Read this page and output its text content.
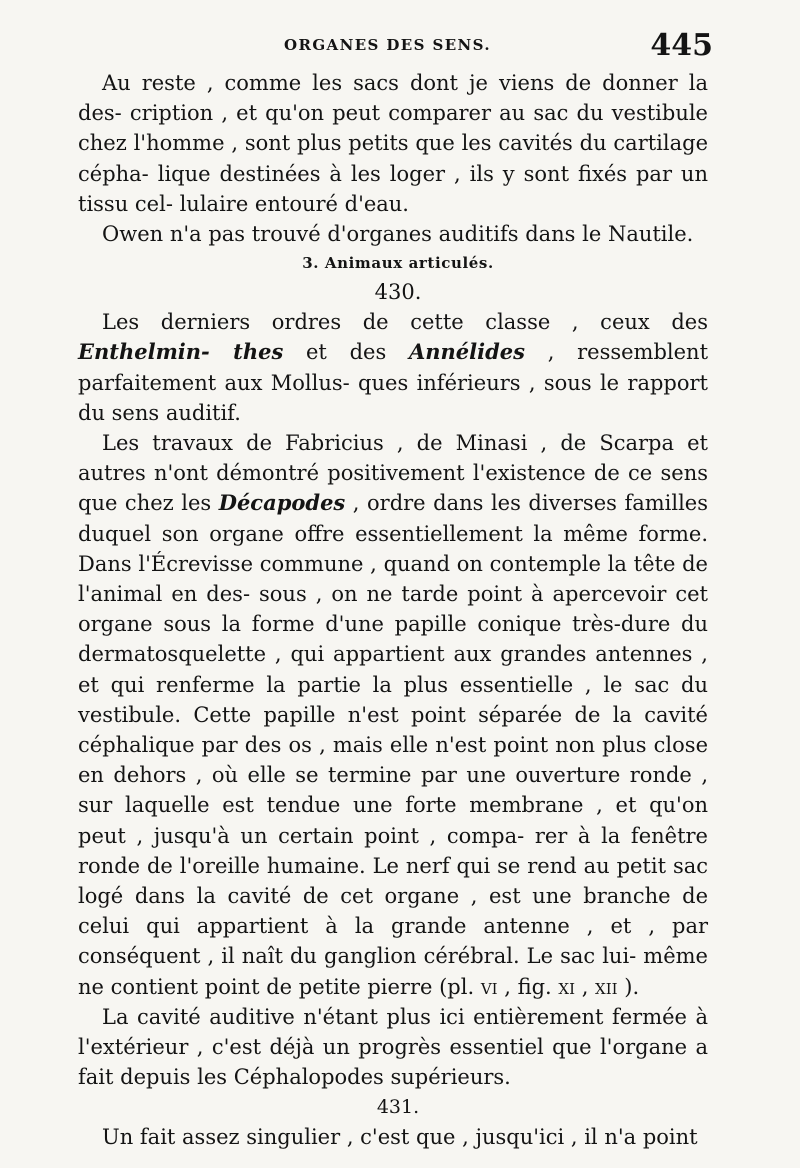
ORGANES DES SENS.	445

Au reste , comme les sacs dont je viens de donner la des- cription , et qu'on peut comparer au sac du vestibule chez l'homme , sont plus petits que les cavités du cartilage cépha- lique destinées à les loger , ils y sont fixés par un tissu cel- lulaire entouré d'eau.

Owen n'a pas trouvé d'organes auditifs dans le Nautile.

3. Animaux articulés.
430.

Les derniers ordres de cette classe , ceux des Enthelmin- thes et des Annélides , ressemblent parfaitement aux Mollus- ques inférieurs , sous le rapport du sens auditif.

Les travaux de Fabricius , de Minasi , de Scarpa et autres n'ont démontré positivement l'existence de ce sens que chez les Décapodes , ordre dans les diverses familles duquel son organe offre essentiellement la même forme. Dans l'Écrevisse commune , quand on contemple la tête de l'animal en des- sous , on ne tarde point à apercevoir cet organe sous la forme d'une papille conique très-dure du dermatosquelette , qui appartient aux grandes antennes , et qui renferme la partie la plus essentielle , le sac du vestibule. Cette papille n'est point séparée de la cavité céphalique par des os , mais elle n'est point non plus close en dehors , où elle se termine par une ouverture ronde , sur laquelle est tendue une forte membrane , et qu'on peut , jusqu'à un certain point , compa- rer à la fenêtre ronde de l'oreille humaine. Le nerf qui se rend au petit sac logé dans la cavité de cet organe , est une branche de celui qui appartient à la grande antenne , et , par conséquent , il naît du ganglion cérébral. Le sac lui- même ne contient point de petite pierre (pl. vi , fig. xi , xii ).

La cavité auditive n'étant plus ici entièrement fermée à l'extérieur , c'est déjà un progrès essentiel que l'organe a fait depuis les Céphalopodes supérieurs.

431.

Un fait assez singulier , c'est que , jusqu'ici , il n'a point
